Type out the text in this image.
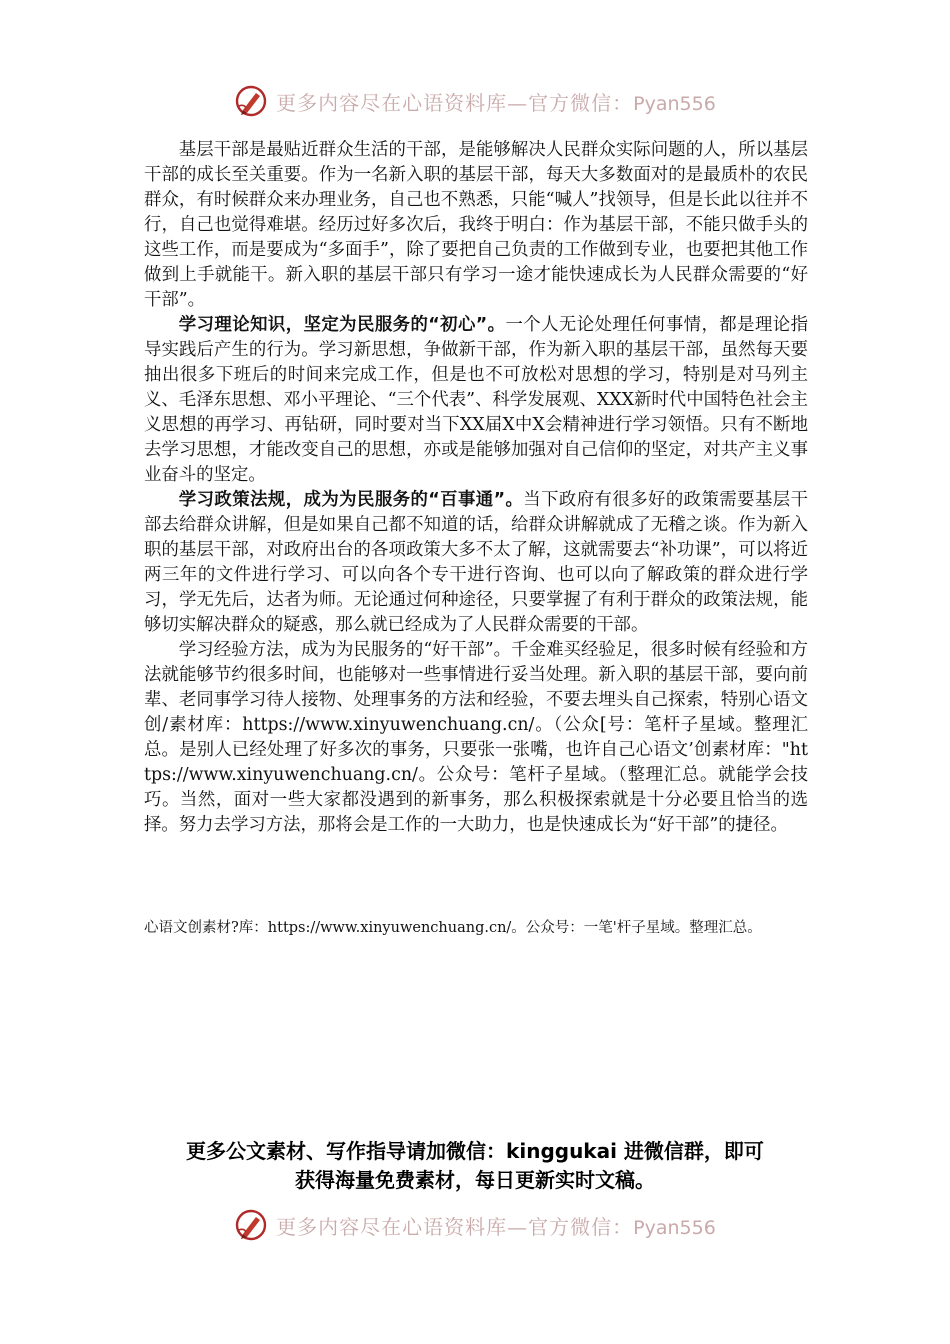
更多内容尽在心语资料库—官方微信：Pyan556

基层干部是最贴近群众生活的干部，是能够解决人民群众实际问题的人，所以基层干部的成长至关重要。作为一名新入职的基层干部，每天大多数面对的是最质朴的农民群众，有时候群众来办理业务，自己也不熟悉，只能“喊人”找领导，但是长此以往并不行，自己也觉得难堪。经历过好多次后，我终于明白：作为基层干部，不能只做手头的这些工作，而是要成为“多面手”，除了要把自己负责的工作做到专业，也要把其他工作做到上手就能干。新入职的基层干部只有学习一途才能快速成长为人民群众需要的“好干部”。

学习理论知识，坚定为民服务的“初心”。一个人无论处理任何事情，都是理论指导实践后产生的行为。学习新思想，争做新干部，作为新入职的基层干部，虽然每天要抽出很多下班后的时间来完成工作，但是也不可放松对思想的学习，特别是对马列主义、毛泽东思想、邓小平理论、“三个代表”、科学发展观、XXX新时代中国特色社会主义思想的再学习、再钻研，同时要对当下XX届X中X会精神进行学习领悟。只有不断地去学习思想，才能改变自己的思想，亦或是能够加强对自己信仰的坚定，对共产主义事业奋斗的坚定。

学习政策法规，成为为民服务的“百事通”。当下政府有很多好的政策需要基层干部去给群众讲解，但是如果自己都不知道的话，给群众讲解就成了无稽之谈。作为新入职的基层干部，对政府出台的各项政策大多不太了解，这就需要去“补功课”，可以将近两三年的文件进行学习、可以向各个专干进行咨询、也可以向了解政策的群众进行学习，学无先后，达者为师。无论通过何种途径，只要掌握了有利于群众的政策法规，能够切实解决群众的疑惑，那么就已经成为了人民群众需要的干部。

学习经验方法，成为为民服务的“好干部”。千金难买经验足，很多时候有经验和方法就能够节约很多时间，也能够对一些事情进行妥当处理。新入职的基层干部，要向前辈、老同事学习待人接物、处理事务的方法和经验，不要去埋头自己探索，特别心语文创/素材库：https://www.xinyuwenchuang.cn/。（公众[号：笔杆子星域。整理汇总。是别人已经处理了好多次的事务，只要张一张嘴，也许自己心语文’创素材库："https://www.xinyuwenchuang.cn/。公众号：笔杆子星域。（整理汇总。就能学会技巧。当然，面对一些大家都没遇到的新事务，那么积极探索就是十分必要且恰当的选择。努力去学习方法，那将会是工作的一大助力，也是快速成长为“好干部”的捷径。

心语文创素材?库：https://www.xinyuwenchuang.cn/。公众号：一笔'杆子星域。整理汇总。
更多公文素材、写作指导请加微信：kinggukai 进微信群，即可
获得海量免费素材，每日更新实时文稿。
更多内容尽在心语资料库—官方微信：Pyan556
